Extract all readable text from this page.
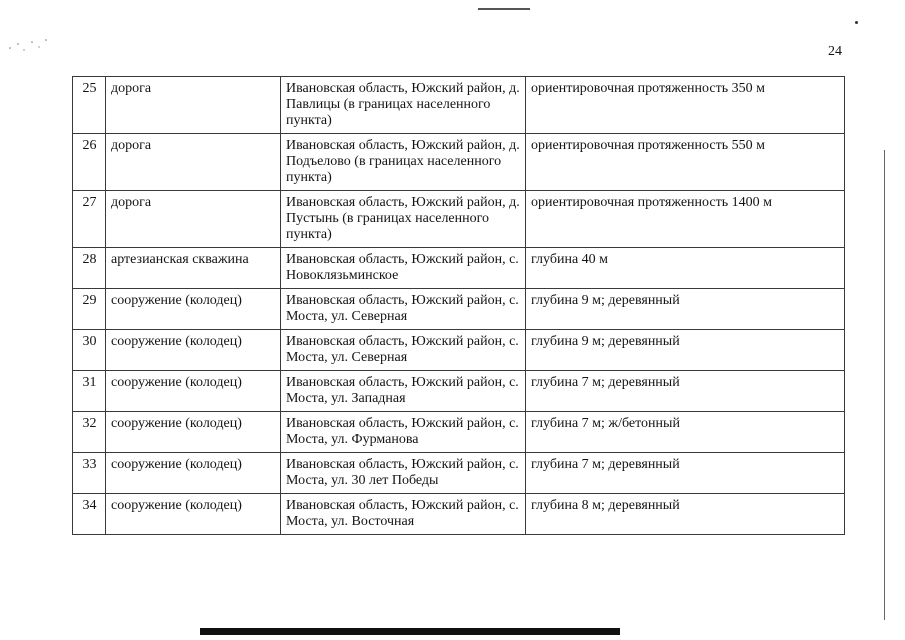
24
25	дорога	Ивановская область, Южский район, д. Павлицы (в границах населенного пункта)	ориентировочная протяженность 350 м
26	дорога	Ивановская область, Южский район, д. Подъелово (в границах населенного пункта)	ориентировочная протяженность 550 м
27	дорога	Ивановская область, Южский район, д. Пустынь (в границах населенного пункта)	ориентировочная протяженность 1400 м
28	артезианская скважина	Ивановская область, Южский район, с. Новоклязьминское	глубина 40 м
29	сооружение (колодец)	Ивановская область, Южский район, с. Моста, ул. Северная	глубина 9 м; деревянный
30	сооружение (колодец)	Ивановская область, Южский район, с. Моста, ул. Северная	глубина 9 м; деревянный
31	сооружение (колодец)	Ивановская область, Южский район, с. Моста, ул. Западная	глубина 7 м; деревянный
32	сооружение (колодец)	Ивановская область, Южский район, с. Моста, ул. Фурманова	глубина 7 м; ж/бетонный
33	сооружение (колодец)	Ивановская область, Южский район, с. Моста, ул. 30 лет Победы	глубина 7 м; деревянный
34	сооружение (колодец)	Ивановская область, Южский район, с. Моста, ул. Восточная	глубина 8 м; деревянный
